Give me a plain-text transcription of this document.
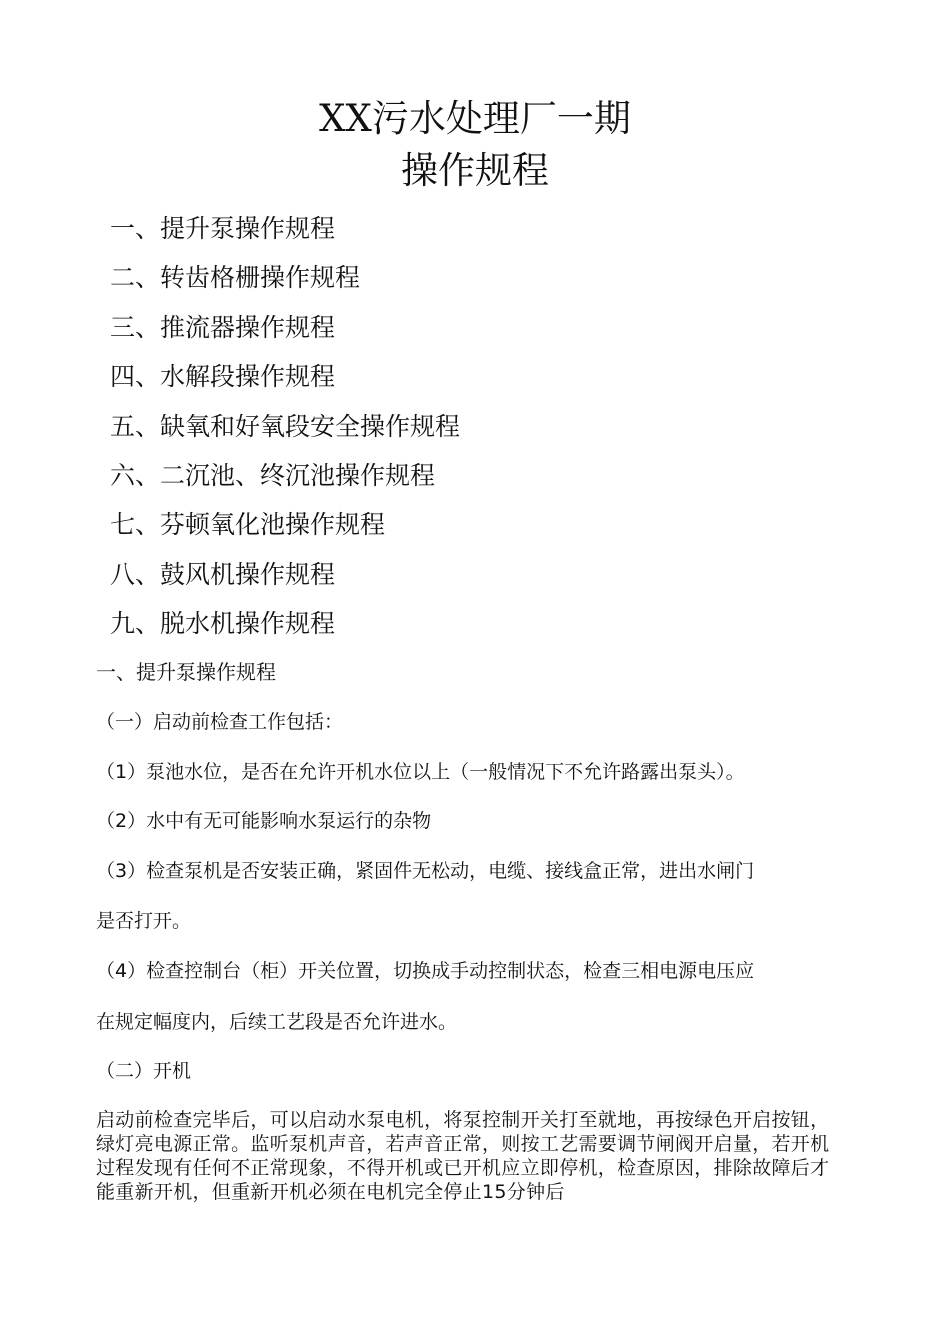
XX污水处理厂一期
操作规程
一、提升泵操作规程
二、转齿格栅操作规程
三、推流器操作规程
四、水解段操作规程
五、缺氧和好氧段安全操作规程
六、二沉池、终沉池操作规程
七、芬顿氧化池操作规程
八、鼓风机操作规程
九、脱水机操作规程

一、提升泵操作规程

（一）启动前检查工作包括：

（1）泵池水位，是否在允许开机水位以上（一般情况下不允许路露出泵头）。

（2）水中有无可能影响水泵运行的杂物

（3）检查泵机是否安装正确，紧固件无松动，电缆、接线盒正常，进出水闸门

是否打开。

（4）检查控制台（柜）开关位置，切换成手动控制状态，检查三相电源电压应

在规定幅度内，后续工艺段是否允许进水。

（二）开机

启动前检查完毕后，可以启动水泵电机，将泵控制开关打至就地，再按绿色开启按钮，绿灯亮电源正常。监听泵机声音，若声音正常，则按工艺需要调节闸阀开启量，若开机过程发现有任何不正常现象，不得开机或已开机应立即停机，检查原因，排除故障后才能重新开机，但重新开机必须在电机完全停止15分钟后
